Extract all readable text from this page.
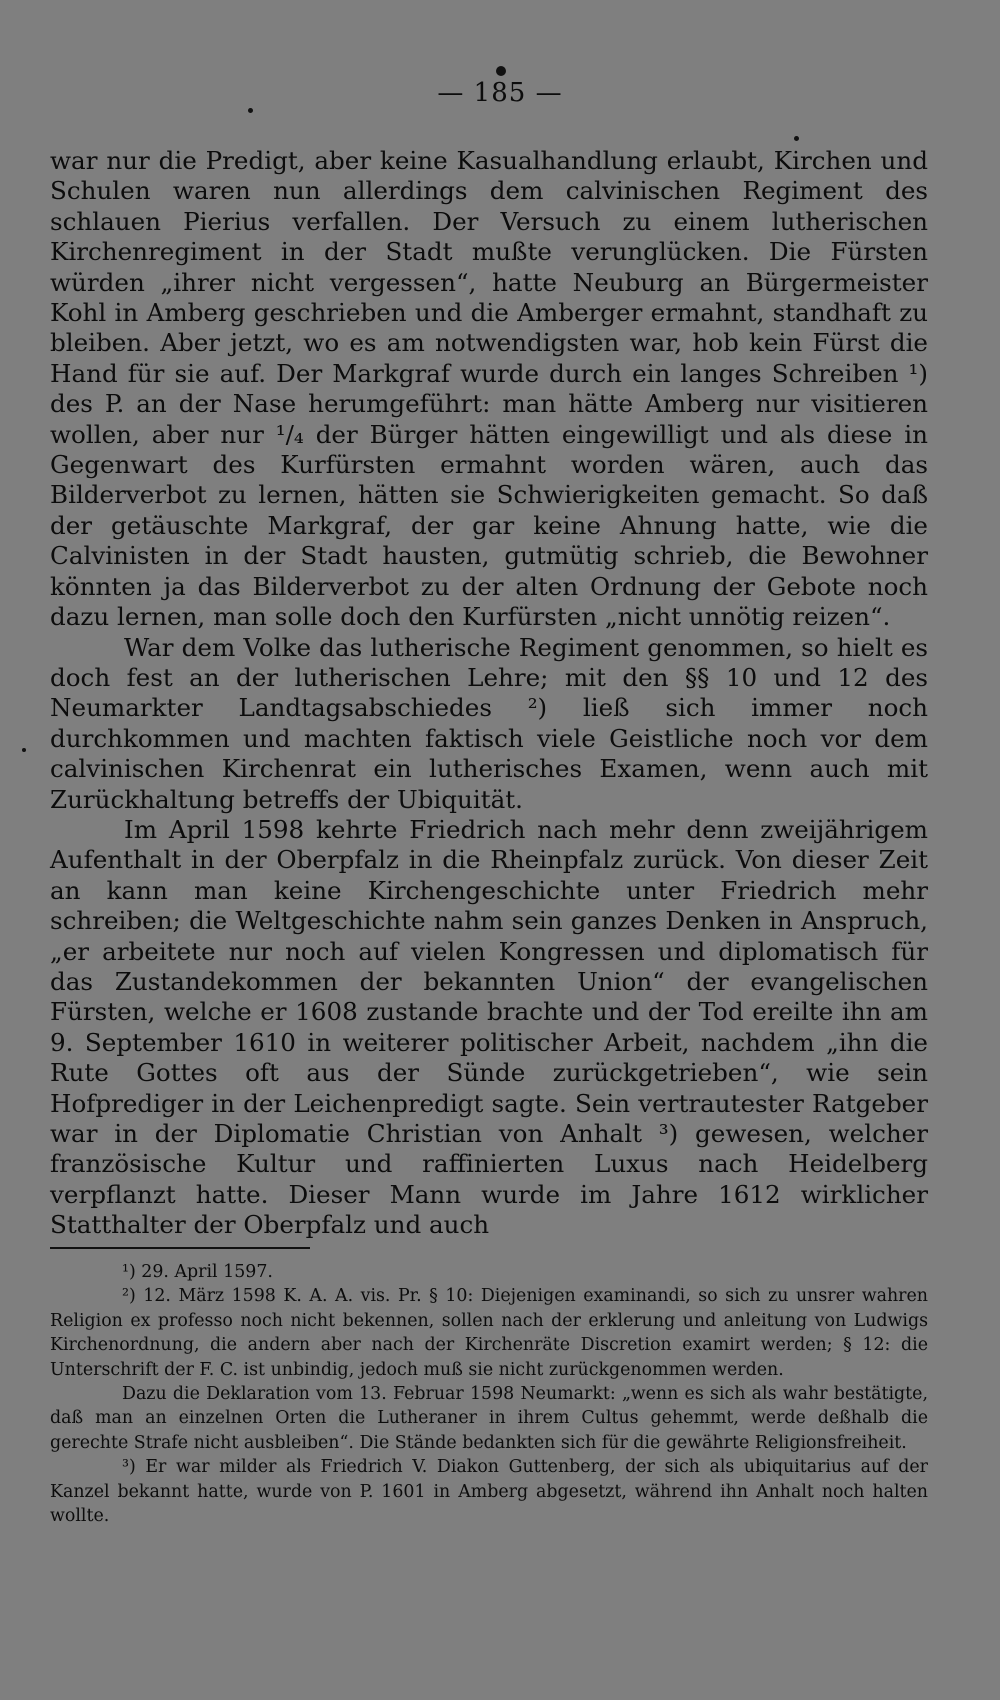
— 185 —

war nur die Predigt, aber keine Kasualhandlung erlaubt, Kirchen und Schulen waren nun allerdings dem calvinischen Regiment des schlauen Pierius verfallen. Der Versuch zu einem lutherischen Kirchenregiment in der Stadt mußte verunglücken. Die Fürsten würden „ihrer nicht vergessen“, hatte Neuburg an Bürgermeister Kohl in Amberg geschrieben und die Amberger ermahnt, standhaft zu bleiben. Aber jetzt, wo es am notwendigsten war, hob kein Fürst die Hand für sie auf. Der Markgraf wurde durch ein langes Schreiben ¹) des P. an der Nase herumgeführt: man hätte Amberg nur visitieren wollen, aber nur ¹/₄ der Bürger hätten eingewilligt und als diese in Gegenwart des Kurfürsten ermahnt worden wären, auch das Bilderverbot zu lernen, hätten sie Schwierigkeiten gemacht. So daß der getäuschte Markgraf, der gar keine Ahnung hatte, wie die Calvinisten in der Stadt hausten, gutmütig schrieb, die Bewohner könnten ja das Bilderverbot zu der alten Ordnung der Gebote noch dazu lernen, man solle doch den Kurfürsten „nicht unnötig reizen“.

War dem Volke das lutherische Regiment genommen, so hielt es doch fest an der lutherischen Lehre; mit den §§ 10 und 12 des Neumarkter Landtagsabschiedes ²) ließ sich immer noch durchkommen und machten faktisch viele Geistliche noch vor dem calvinischen Kirchenrat ein lutherisches Examen, wenn auch mit Zurückhaltung betreffs der Ubiquität.

Im April 1598 kehrte Friedrich nach mehr denn zweijährigem Aufenthalt in der Oberpfalz in die Rheinpfalz zurück. Von dieser Zeit an kann man keine Kirchengeschichte unter Friedrich mehr schreiben; die Weltgeschichte nahm sein ganzes Denken in Anspruch, „er arbeitete nur noch auf vielen Kongressen und diplomatisch für das Zustandekommen der bekannten Union“ der evangelischen Fürsten, welche er 1608 zustande brachte und der Tod ereilte ihn am 9. September 1610 in weiterer politischer Arbeit, nachdem „ihn die Rute Gottes oft aus der Sünde zurückgetrieben“, wie sein Hofprediger in der Leichenpredigt sagte. Sein vertrautester Ratgeber war in der Diplomatie Christian von Anhalt ³) gewesen, welcher französische Kultur und raffinierten Luxus nach Heidelberg verpflanzt hatte. Dieser Mann wurde im Jahre 1612 wirklicher Statthalter der Oberpfalz und auch

¹) 29. April 1597.

²) 12. März 1598 K. A. A. vis. Pr. § 10: Diejenigen examinandi, so sich zu unsrer wahren Religion ex professo noch nicht bekennen, sollen nach der erklerung und anleitung von Ludwigs Kirchenordnung, die andern aber nach der Kirchenräte Discretion examirt werden; § 12: die Unterschrift der F. C. ist unbindig, jedoch muß sie nicht zurückgenommen werden.

Dazu die Deklaration vom 13. Februar 1598 Neumarkt: „wenn es sich als wahr bestätigte, daß man an einzelnen Orten die Lutheraner in ihrem Cultus gehemmt, werde deßhalb die gerechte Strafe nicht ausbleiben“. Die Stände bedankten sich für die gewährte Religionsfreiheit.

³) Er war milder als Friedrich V. Diakon Guttenberg, der sich als ubiquitarius auf der Kanzel bekannt hatte, wurde von P. 1601 in Amberg abgesetzt, während ihn Anhalt noch halten wollte.
